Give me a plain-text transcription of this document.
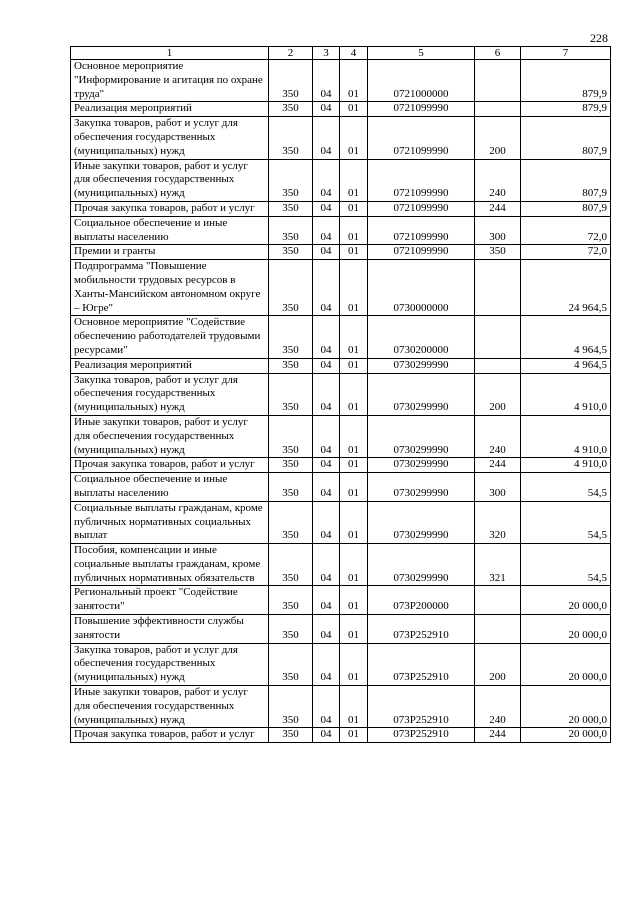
228
1	2	3	4	5	6	7
Основное мероприятие "Информирование и агитация по охране труда"	350	04	01	0721000000		879,9
Реализация мероприятий	350	04	01	0721099990		879,9
Закупка товаров, работ и услуг для обеспечения государственных (муниципальных) нужд	350	04	01	0721099990	200	807,9
Иные закупки товаров, работ и услуг для обеспечения государственных (муниципальных) нужд	350	04	01	0721099990	240	807,9
Прочая закупка товаров, работ и услуг	350	04	01	0721099990	244	807,9
Социальное обеспечение и иные выплаты населению	350	04	01	0721099990	300	72,0
Премии и гранты	350	04	01	0721099990	350	72,0
Подпрограмма "Повышение мобильности трудовых ресурсов в Ханты-Мансийском автономном округе – Югре"	350	04	01	0730000000		24 964,5
Основное мероприятие "Содействие обеспечению работодателей трудовыми ресурсами"	350	04	01	0730200000		4 964,5
Реализация мероприятий	350	04	01	0730299990		4 964,5
Закупка товаров, работ и услуг для обеспечения государственных (муниципальных) нужд	350	04	01	0730299990	200	4 910,0
Иные закупки товаров, работ и услуг для обеспечения государственных (муниципальных) нужд	350	04	01	0730299990	240	4 910,0
Прочая закупка товаров, работ и услуг	350	04	01	0730299990	244	4 910,0
Социальное обеспечение и иные выплаты населению	350	04	01	0730299990	300	54,5
Социальные выплаты гражданам, кроме публичных нормативных социальных выплат	350	04	01	0730299990	320	54,5
Пособия, компенсации и иные социальные выплаты гражданам, кроме публичных нормативных обязательств	350	04	01	0730299990	321	54,5
Региональный проект "Содействие занятости"	350	04	01	073P200000		20 000,0
Повышение эффективности службы занятости	350	04	01	073P252910		20 000,0
Закупка товаров, работ и услуг для обеспечения государственных (муниципальных) нужд	350	04	01	073P252910	200	20 000,0
Иные закупки товаров, работ и услуг для обеспечения государственных (муниципальных) нужд	350	04	01	073P252910	240	20 000,0
Прочая закупка товаров, работ и услуг	350	04	01	073P252910	244	20 000,0
